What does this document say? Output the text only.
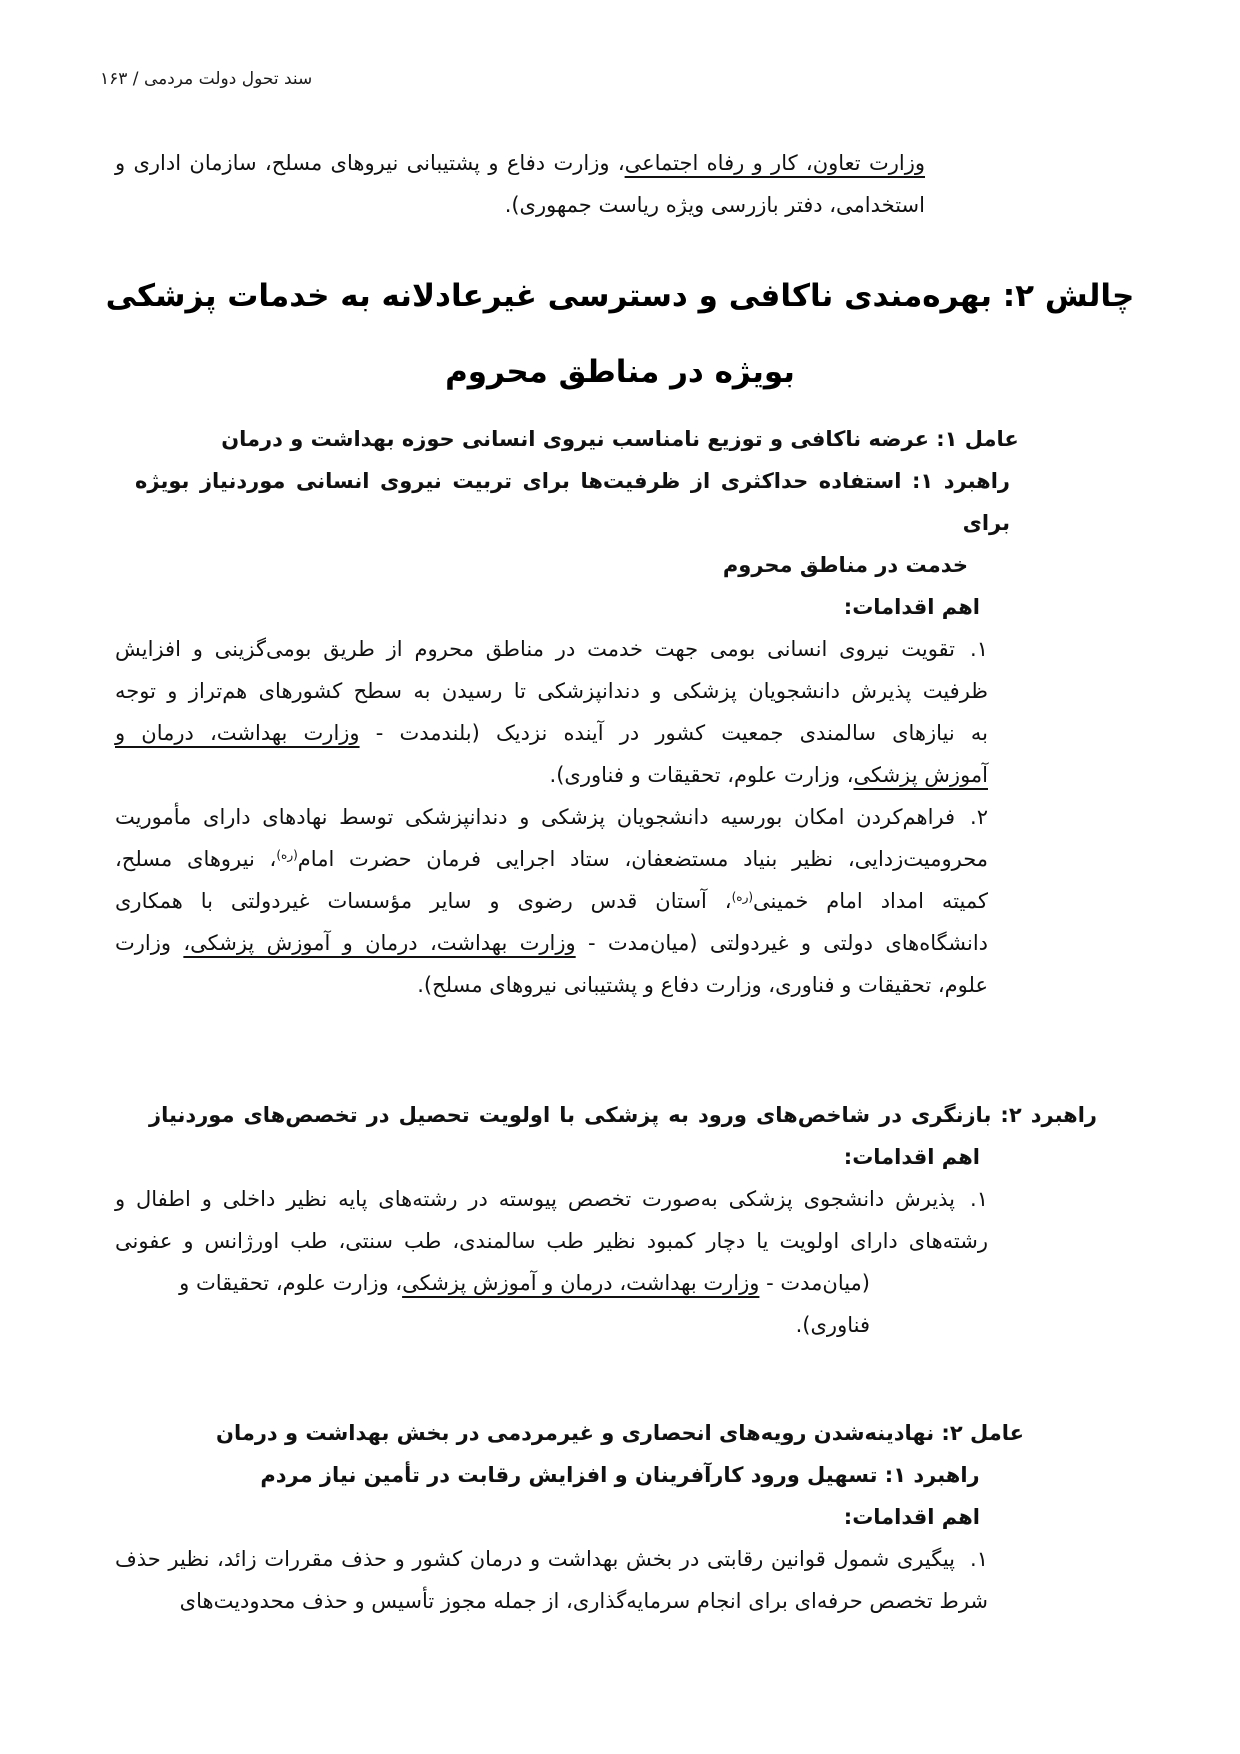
سند تحول دولت مردمی / ۱۶۳
وزارت تعاون، کار و رفاه اجتماعی، وزارت دفاع و پشتیبانی نیروهای مسلح، سازمان اداری و
استخدامی، دفتر بازرسی ویژه ریاست جمهوری).
چالش ۲: بهره‌مندی ناکافی و دسترسی غیرعادلانه به خدمات پزشکی
بویژه در مناطق محروم
عامل ۱: عرضه ناکافی و توزیع نامناسب نیروی انسانی حوزه بهداشت و درمان
راهبرد ۱: استفاده حداکثری از ظرفیت‌ها برای تربیت نیروی انسانی موردنیاز بویژه برای
خدمت در مناطق محروم
اهم اقدامات:
۱.تقویت نیروی انسانی بومی جهت خدمت در مناطق محروم از طریق بومی‌گزینی و افزایش
ظرفیت پذیرش دانشجویان پزشکی و دندانپزشکی تا رسیدن به سطح کشورهای هم‌تراز و توجه
به نیازهای سالمندی جمعیت کشور در آینده نزدیک (بلندمدت - وزارت بهداشت، درمان و
آموزش پزشکی، وزارت علوم، تحقیقات و فناوری).
۲.فراهم‌کردن امکان بورسیه دانشجویان پزشکی و دندانپزشکی توسط نهادهای دارای مأموریت
محرومیت‌زدایی، نظیر بنیاد مستضعفان، ستاد اجرایی فرمان حضرت امام$^{(ره)}$، نیروهای مسلح،
کمیته امداد امام خمینی$^{(ره)}$، آستان قدس رضوی و سایر مؤسسات غیردولتی با همکاری
دانشگاه‌های دولتی و غیردولتی (میان‌مدت - وزارت بهداشت، درمان و آموزش پزشکی، وزارت
علوم، تحقیقات و فناوری، وزارت دفاع و پشتیبانی نیروهای مسلح).
راهبرد ۲: بازنگری در شاخص‌های ورود به پزشکی با اولویت تحصیل در تخصص‌های موردنیاز
اهم اقدامات:
۱.پذیرش دانشجوی پزشکی به‌صورت تخصص پیوسته در رشته‌های پایه نظیر داخلی و اطفال و
رشته‌های دارای اولویت یا دچار کمبود نظیر طب سالمندی، طب سنتی، طب اورژانس و عفونی
(میان‌مدت - وزارت بهداشت، درمان و آموزش پزشکی، وزارت علوم، تحقیقات و فناوری).
عامل ۲: نهادینه‌شدن رویه‌های انحصاری و غیرمردمی در بخش بهداشت و درمان
راهبرد ۱: تسهیل ورود کارآفرینان و افزایش رقابت در تأمین نیاز مردم
اهم اقدامات:
۱.پیگیری شمول قوانین رقابتی در بخش بهداشت و درمان کشور و حذف مقررات زائد، نظیر حذف
شرط تخصص حرفه‌ای برای انجام سرمایه‌گذاری، از جمله مجوز تأسیس و حذف محدودیت‌های
